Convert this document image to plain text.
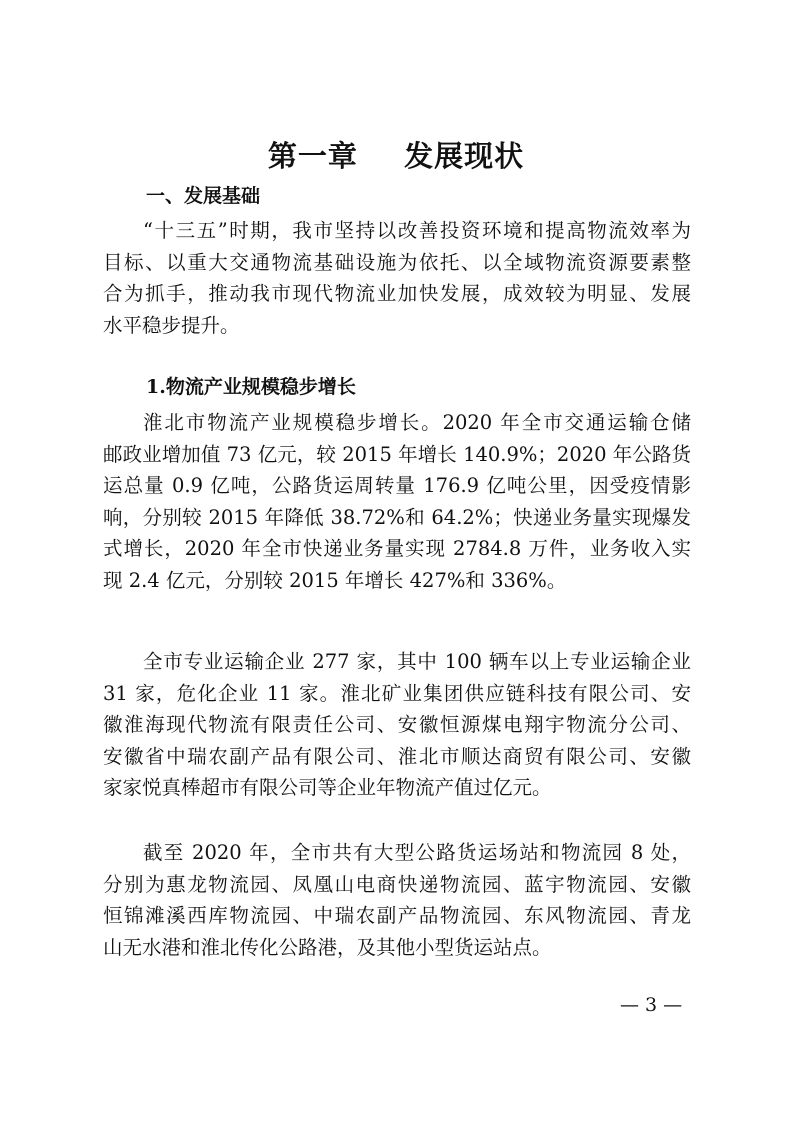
第一章  发展现状
一、发展基础
“十三五”时期，我市坚持以改善投资环境和提高物流效率为
目标、以重大交通物流基础设施为依托、以全域物流资源要素整
合为抓手，推动我市现代物流业加快发展，成效较为明显、发展
水平稳步提升。
1.物流产业规模稳步增长
淮北市物流产业规模稳步增长。2020 年全市交通运输仓储
邮政业增加值 73 亿元，较 2015 年增长 140.9%；2020 年公路货
运总量 0.9 亿吨，公路货运周转量 176.9 亿吨公里，因受疫情影
响，分别较 2015 年降低 38.72%和 64.2%；快递业务量实现爆发
式增长，2020 年全市快递业务量实现 2784.8 万件，业务收入实
现 2.4 亿元，分别较 2015 年增长 427%和 336%。
全市专业运输企业 277 家，其中 100 辆车以上专业运输企业
31 家，危化企业 11 家。淮北矿业集团供应链科技有限公司、安
徽淮海现代物流有限责任公司、安徽恒源煤电翔宇物流分公司、
安徽省中瑞农副产品有限公司、淮北市顺达商贸有限公司、安徽
家家悦真棒超市有限公司等企业年物流产值过亿元。
截至 2020 年，全市共有大型公路货运场站和物流园 8 处，
分别为惠龙物流园、凤凰山电商快递物流园、蓝宇物流园、安徽
恒锦滩溪西库物流园、中瑞农副产品物流园、东风物流园、青龙
山无水港和淮北传化公路港，及其他小型货运站点。
— 3 —
